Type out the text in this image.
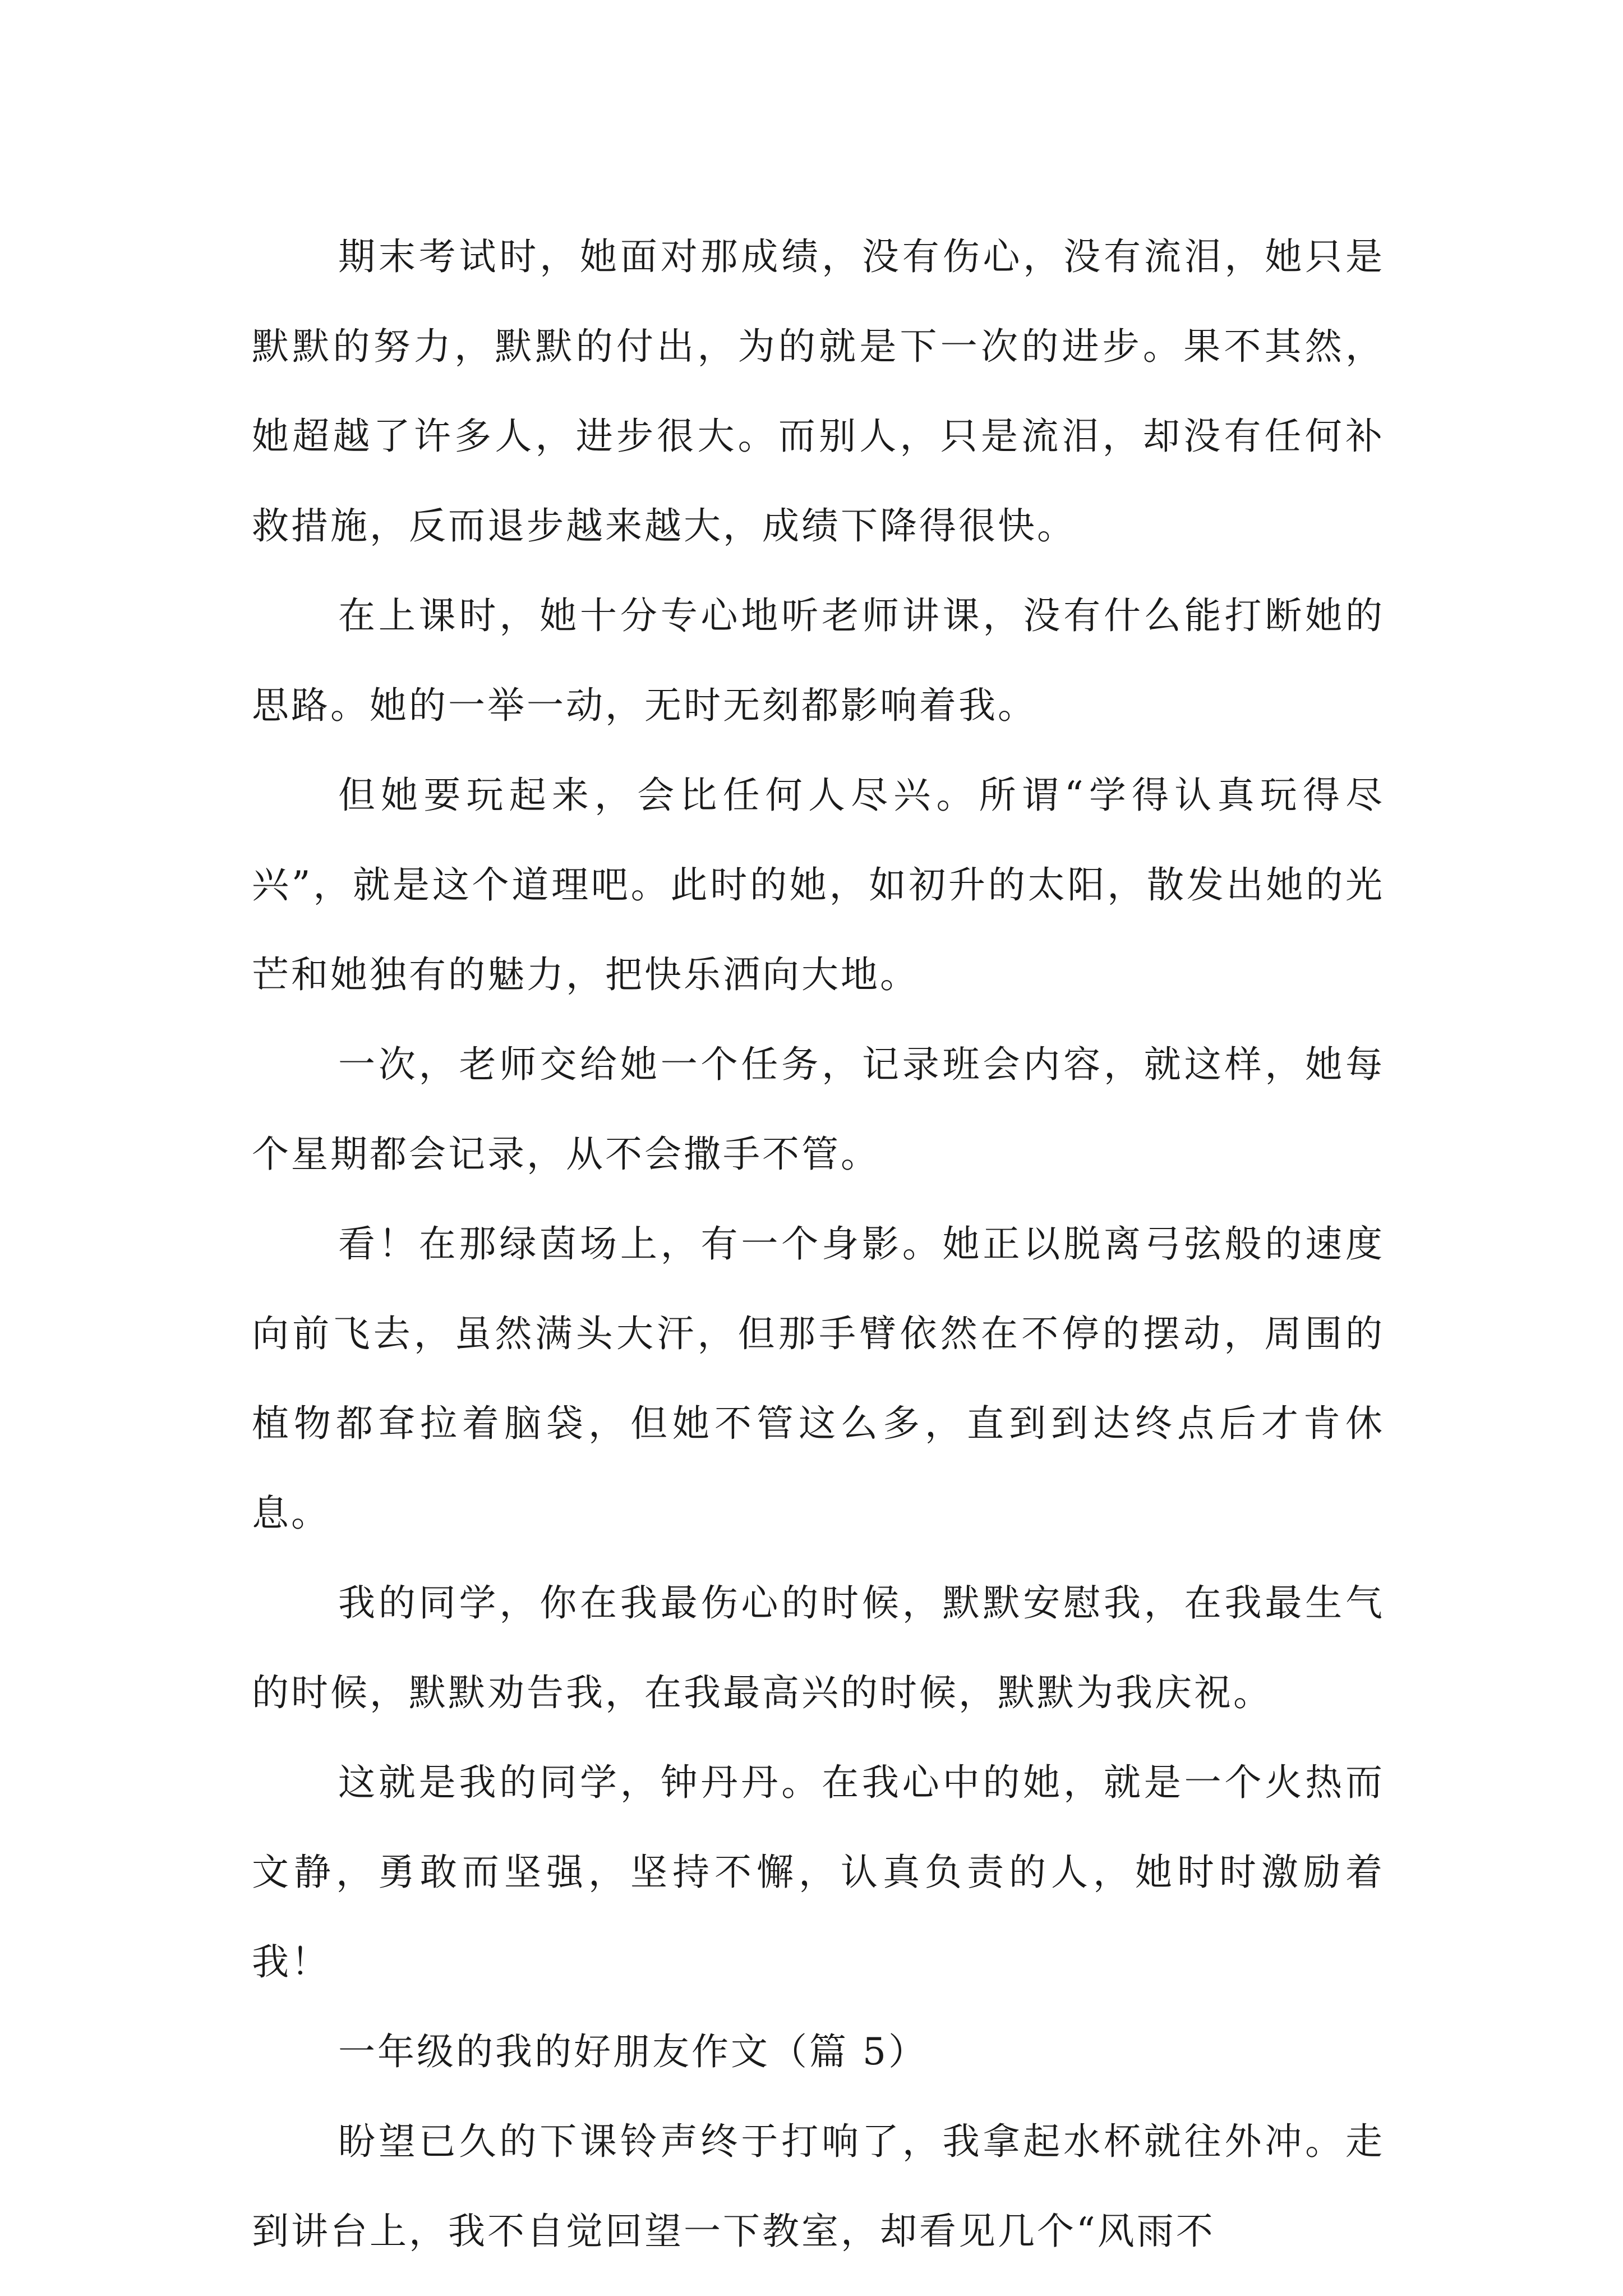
期末考试时，她面对那成绩，没有伤心，没有流泪，她只是默默的努力，默默的付出，为的就是下一次的进步。果不其然，她超越了许多人，进步很大。而别人，只是流泪，却没有任何补救措施，反而退步越来越大，成绩下降得很快。

在上课时，她十分专心地听老师讲课，没有什么能打断她的思路。她的一举一动，无时无刻都影响着我。

但她要玩起来，会比任何人尽兴。所谓“学得认真玩得尽兴”，就是这个道理吧。此时的她，如初升的太阳，散发出她的光芒和她独有的魅力，把快乐洒向大地。

一次，老师交给她一个任务，记录班会内容，就这样，她每个星期都会记录，从不会撒手不管。

看！在那绿茵场上，有一个身影。她正以脱离弓弦般的速度向前飞去，虽然满头大汗，但那手臂依然在不停的摆动，周围的植物都耷拉着脑袋，但她不管这么多，直到到达终点后才肯休息。

我的同学，你在我最伤心的时候，默默安慰我，在我最生气的时候，默默劝告我，在我最高兴的时候，默默为我庆祝。

这就是我的同学，钟丹丹。在我心中的她，就是一个火热而文静，勇敢而坚强，坚持不懈，认真负责的人，她时时激励着我！

一年级的我的好朋友作文（篇 5）

盼望已久的下课铃声终于打响了，我拿起水杯就往外冲。走到讲台上，我不自觉回望一下教室，却看见几个“风雨不
